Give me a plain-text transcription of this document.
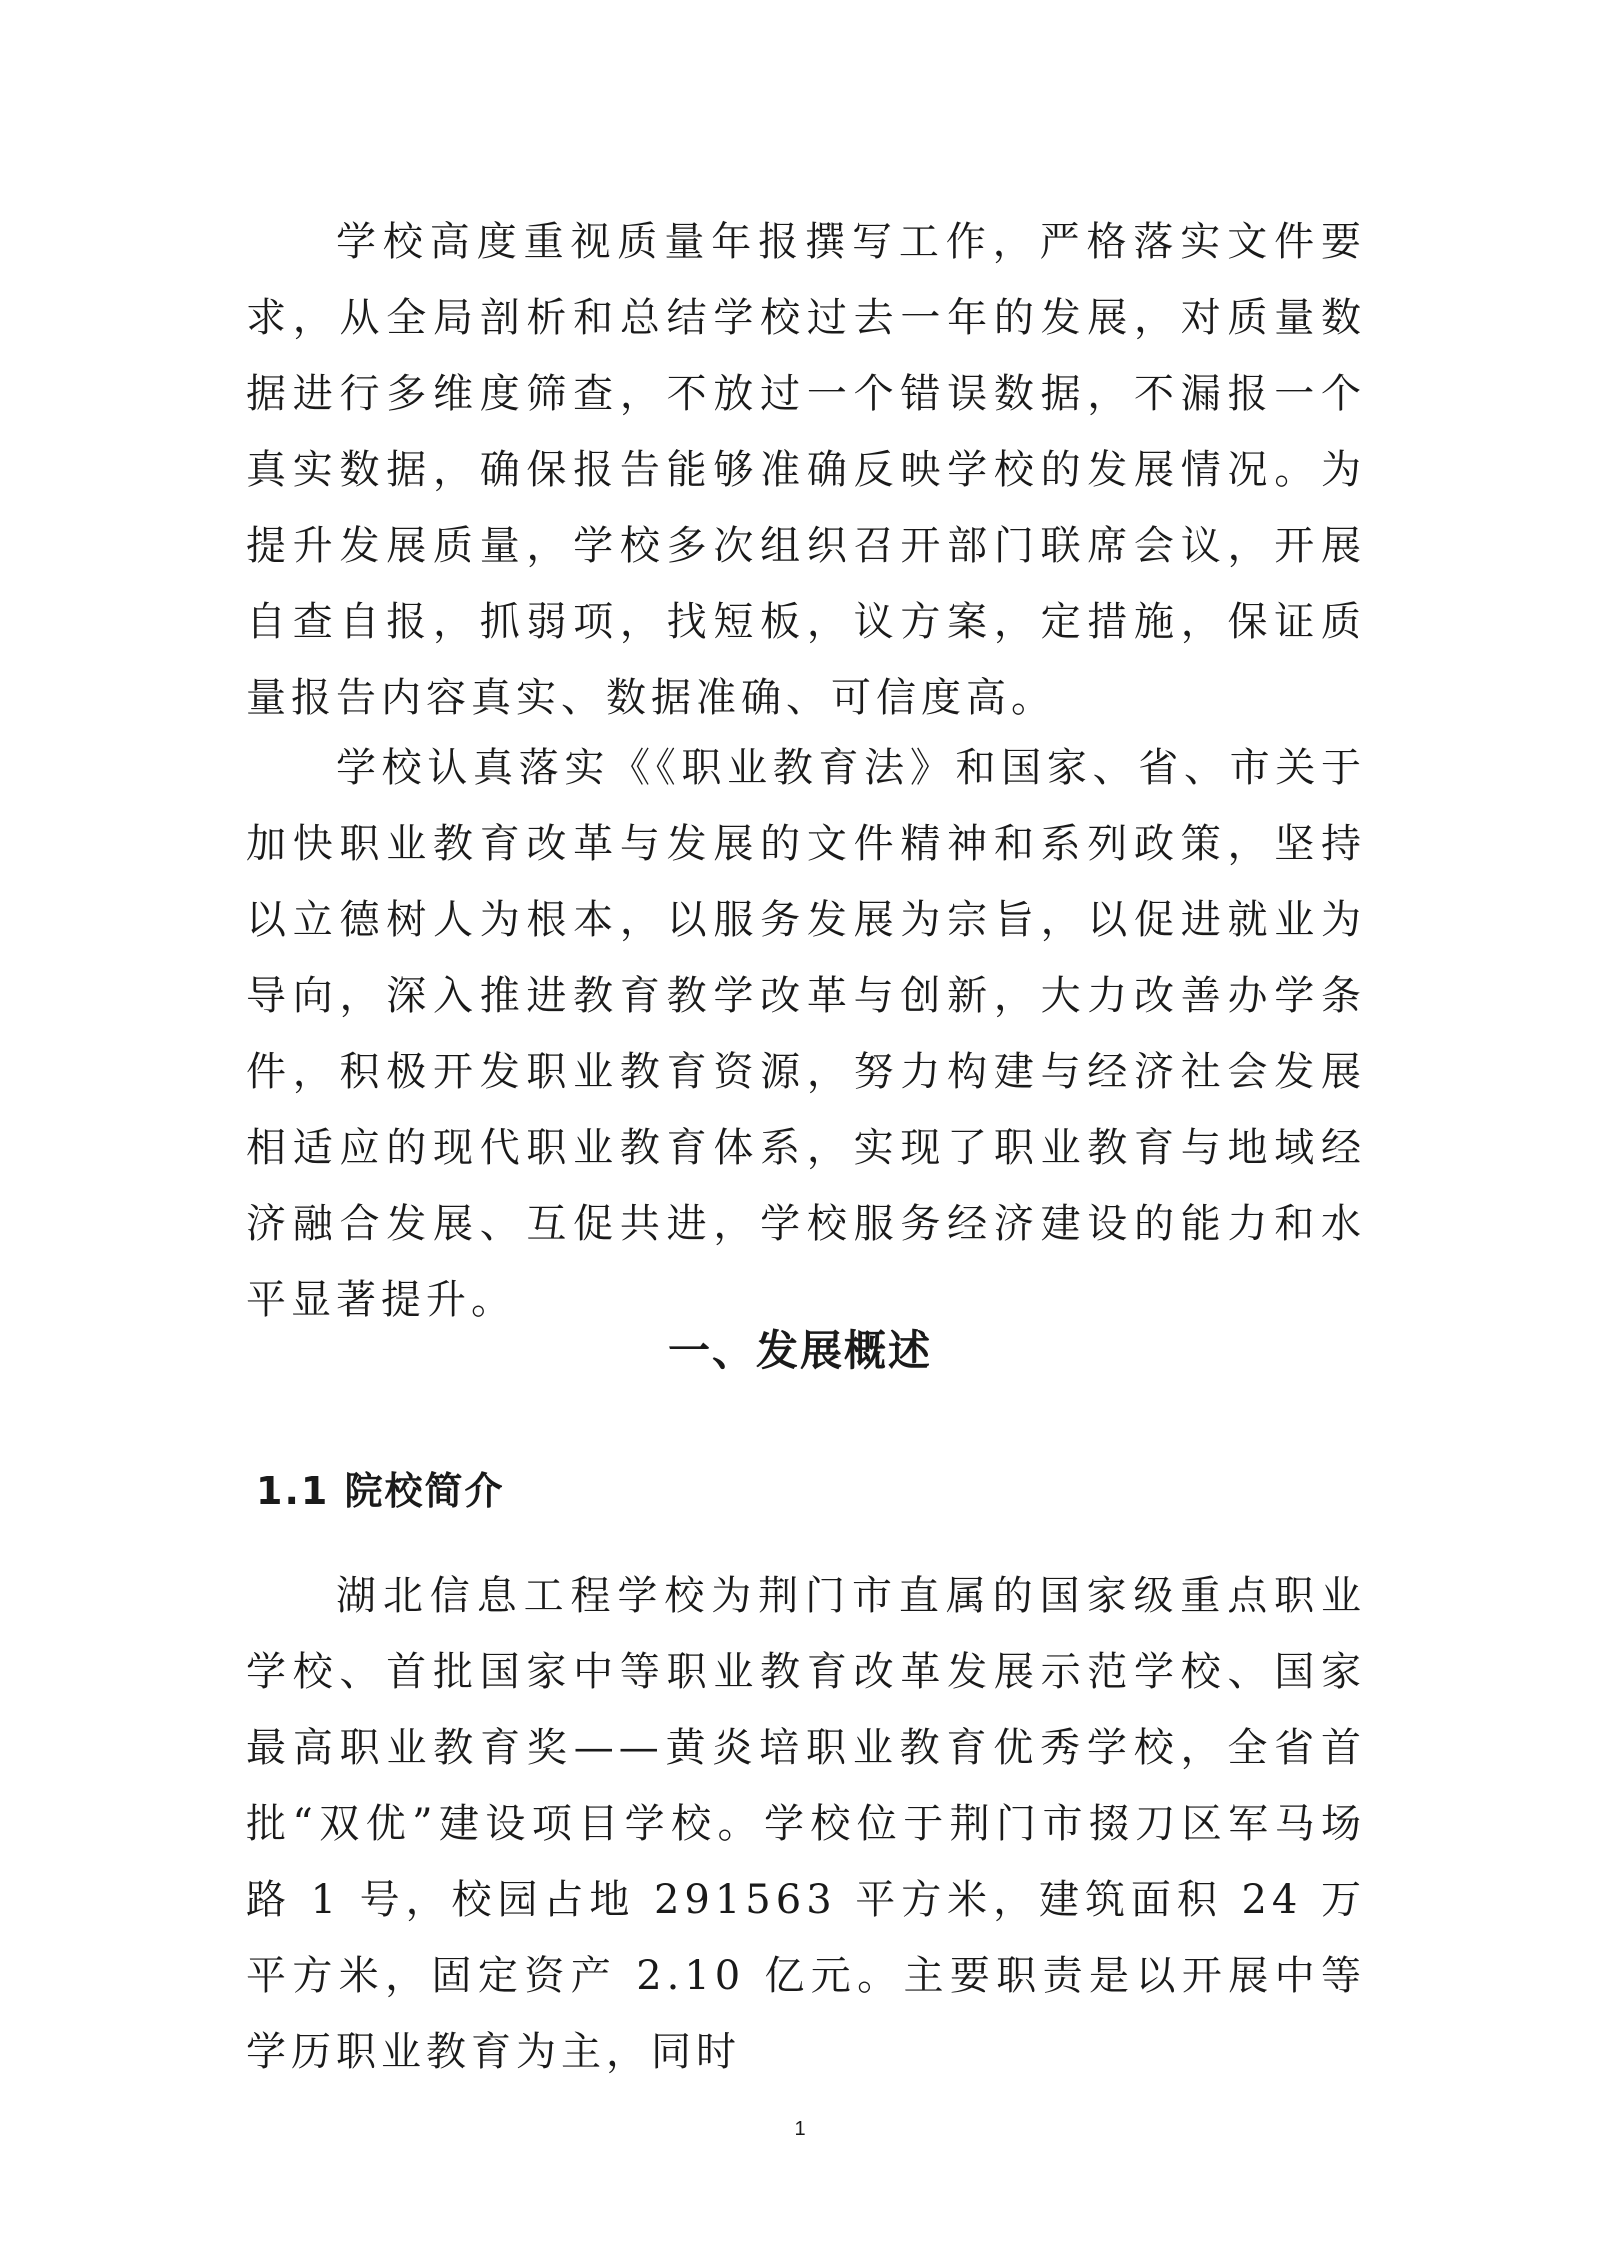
学校高度重视质量年报撰写工作，严格落实文件要求，从全局剖析和总结学校过去一年的发展，对质量数据进行多维度筛查，不放过一个错误数据，不漏报一个真实数据，确保报告能够准确反映学校的发展情况。为提升发展质量，学校多次组织召开部门联席会议，开展自查自报，抓弱项，找短板，议方案，定措施，保证质量报告内容真实、数据准确、可信度高。

学校认真落实《《职业教育法》和国家、省、市关于加快职业教育改革与发展的文件精神和系列政策，坚持以立德树人为根本，以服务发展为宗旨，以促进就业为导向，深入推进教育教学改革与创新，大力改善办学条件，积极开发职业教育资源，努力构建与经济社会发展相适应的现代职业教育体系，实现了职业教育与地域经济融合发展、互促共进，学校服务经济建设的能力和水平显著提升。

一、发展概述
1.1 院校简介

湖北信息工程学校为荆门市直属的国家级重点职业学校、首批国家中等职业教育改革发展示范学校、国家最高职业教育奖——黄炎培职业教育优秀学校，全省首批“双优”建设项目学校。学校位于荆门市掇刀区军马场路 1 号，校园占地 291563 平方米，建筑面积 24 万平方米，固定资产 2.10 亿元。主要职责是以开展中等学历职业教育为主，同时

1
